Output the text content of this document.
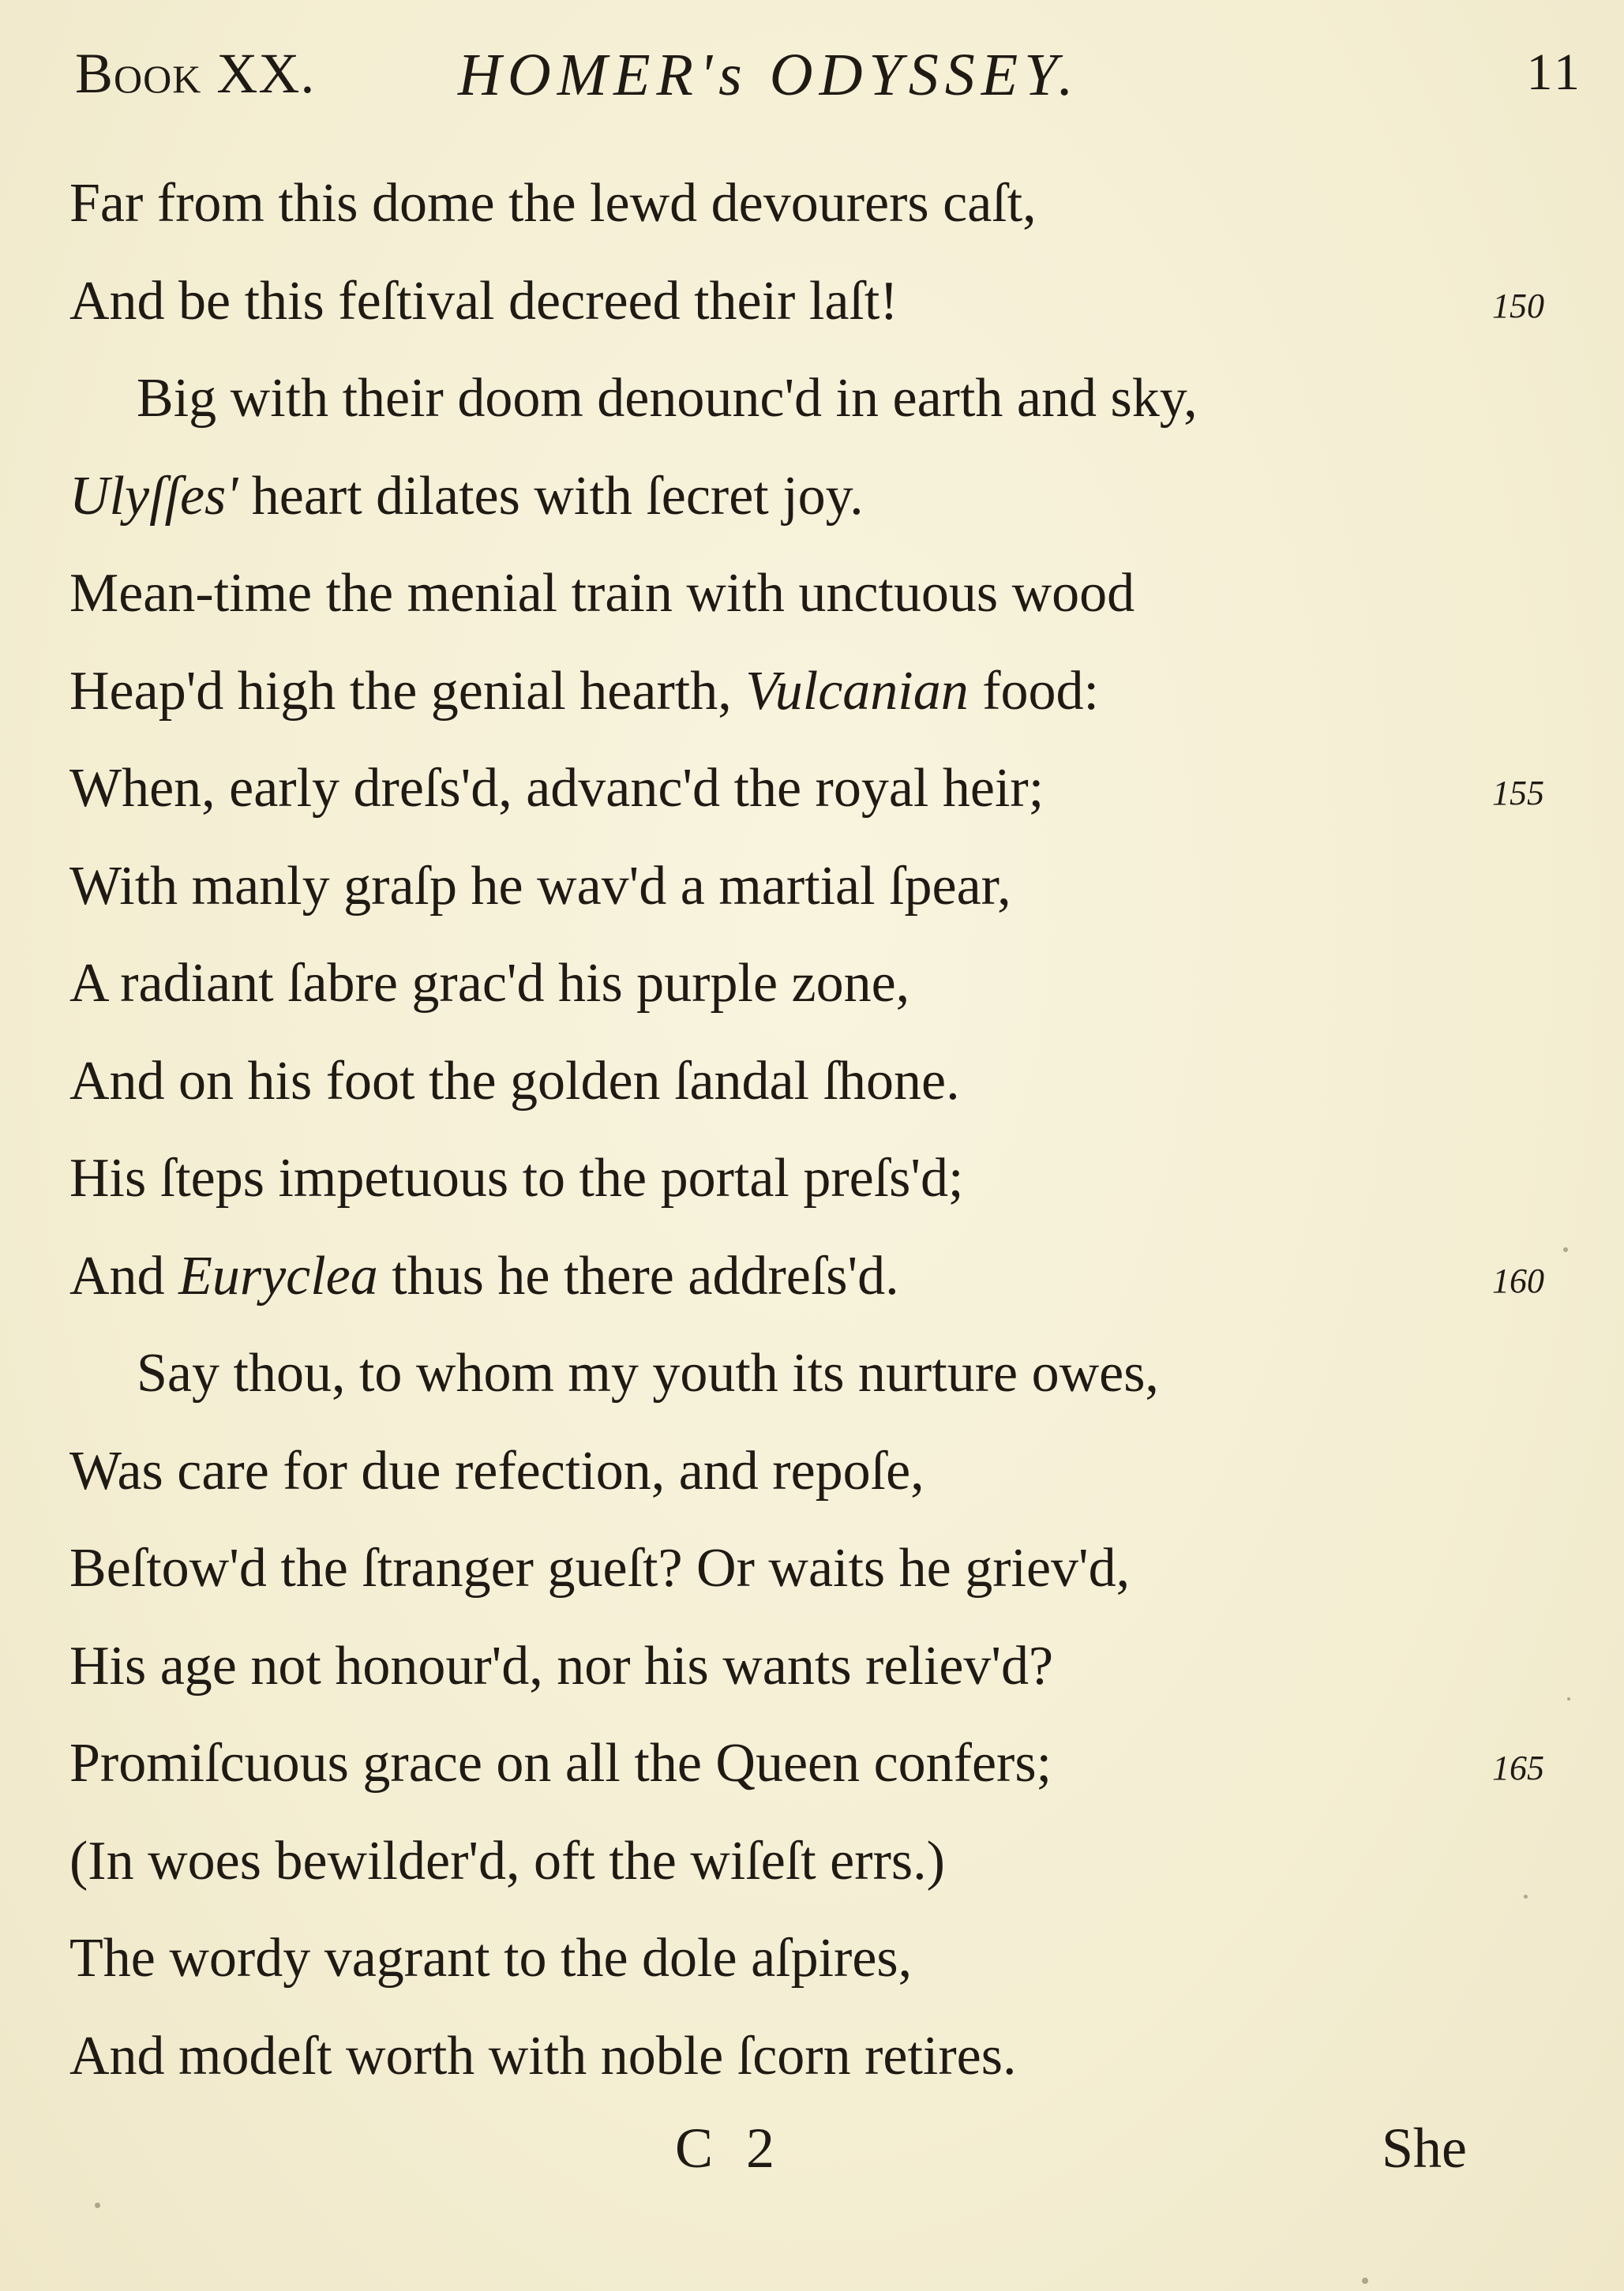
Book XX. HOMER's ODYSSEY.	11
Far from this dome the lewd devourers caſt,
And be this feſtival decreed their laſt!	150
Big with their doom denounc'd in earth and sky,
Ulyſſes' heart dilates with ſecret joy.
Mean-time the menial train with unctuous wood
Heap'd high the genial hearth, Vulcanian food:
When, early dreſs'd, advanc'd the royal heir;	155
With manly graſp he wav'd a martial ſpear,
A radiant ſabre grac'd his purple zone,
And on his foot the golden ſandal ſhone.
His ſteps impetuous to the portal preſs'd;
And Euryclea thus he there addreſs'd.	160
Say thou, to whom my youth its nurture owes,
Was care for due refection, and repoſe,
Beſtow'd the ſtranger gueſt? Or waits he griev'd,
His age not honour'd, nor his wants reliev'd?
Promiſcuous grace on all the Queen confers;	165
(In woes bewilder'd, oft the wiſeſt errs.)
The wordy vagrant to the dole aſpires,
And modeſt worth with noble ſcorn retires.
C 2	She
